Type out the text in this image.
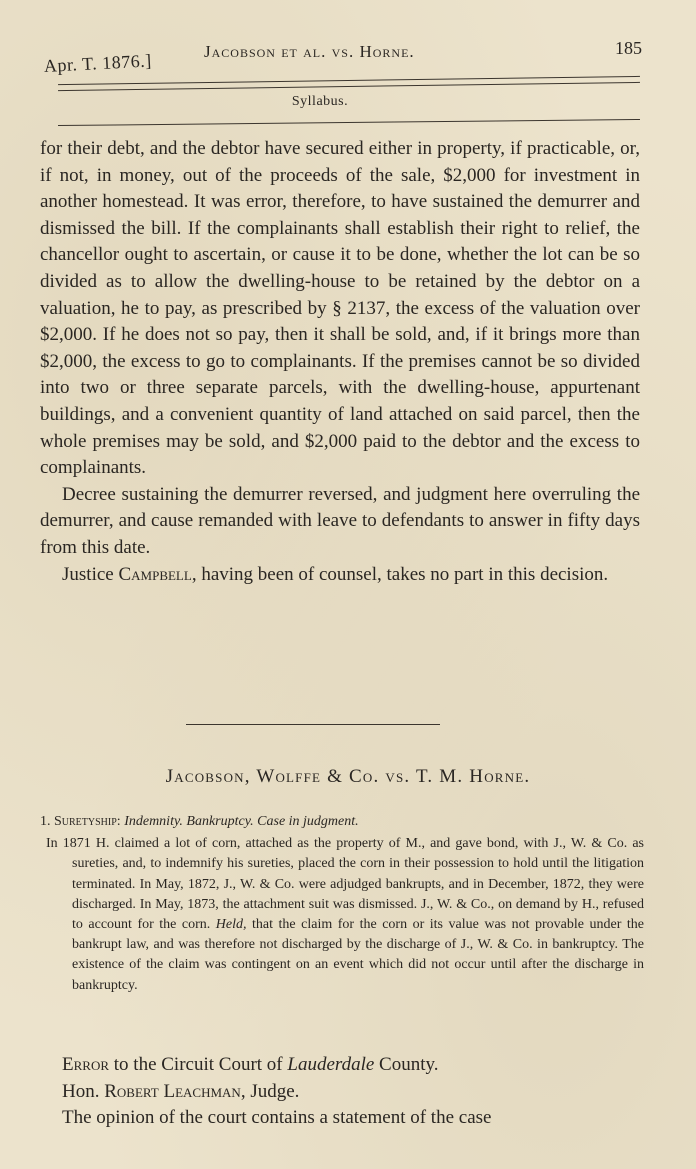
Apr. T. 1876.]	Jacobson et al. vs. Horne.	185
Syllabus.

for their debt, and the debtor have secured either in property, if practicable, or, if not, in money, out of the proceeds of the sale, $2,000 for investment in another homestead. It was error, therefore, to have sustained the demurrer and dismissed the bill. If the complainants shall establish their right to relief, the chancellor ought to ascertain, or cause it to be done, whether the lot can be so divided as to allow the dwelling-house to be retained by the debtor on a valuation, he to pay, as prescribed by § 2137, the excess of the valuation over $2,000. If he does not so pay, then it shall be sold, and, if it brings more than $2,000, the excess to go to complainants. If the premises cannot be so divided into two or three separate parcels, with the dwelling-house, appurtenant buildings, and a convenient quantity of land attached on said parcel, then the whole premises may be sold, and $2,000 paid to the debtor and the excess to complainants.

Decree sustaining the demurrer reversed, and judgment here overruling the demurrer, and cause remanded with leave to defendants to answer in fifty days from this date.

Justice Campbell, having been of counsel, takes no part in this decision.

Jacobson, Wolffe & Co. vs. T. M. Horne.

1. Suretyship: Indemnity. Bankruptcy. Case in judgment.

In 1871 H. claimed a lot of corn, attached as the property of M., and gave bond, with J., W. & Co. as sureties, and, to indemnify his sureties, placed the corn in their possession to hold until the litigation terminated. In May, 1872, J., W. & Co. were adjudged bankrupts, and in December, 1872, they were discharged. In May, 1873, the attachment suit was dismissed. J., W. & Co., on demand by H., refused to account for the corn. Held, that the claim for the corn or its value was not provable under the bankrupt law, and was therefore not discharged by the discharge of J., W. & Co. in bankruptcy. The existence of the claim was contingent on an event which did not occur until after the discharge in bankruptcy.

Error to the Circuit Court of Lauderdale County.

Hon. Robert Leachman, Judge.

The opinion of the court contains a statement of the case
